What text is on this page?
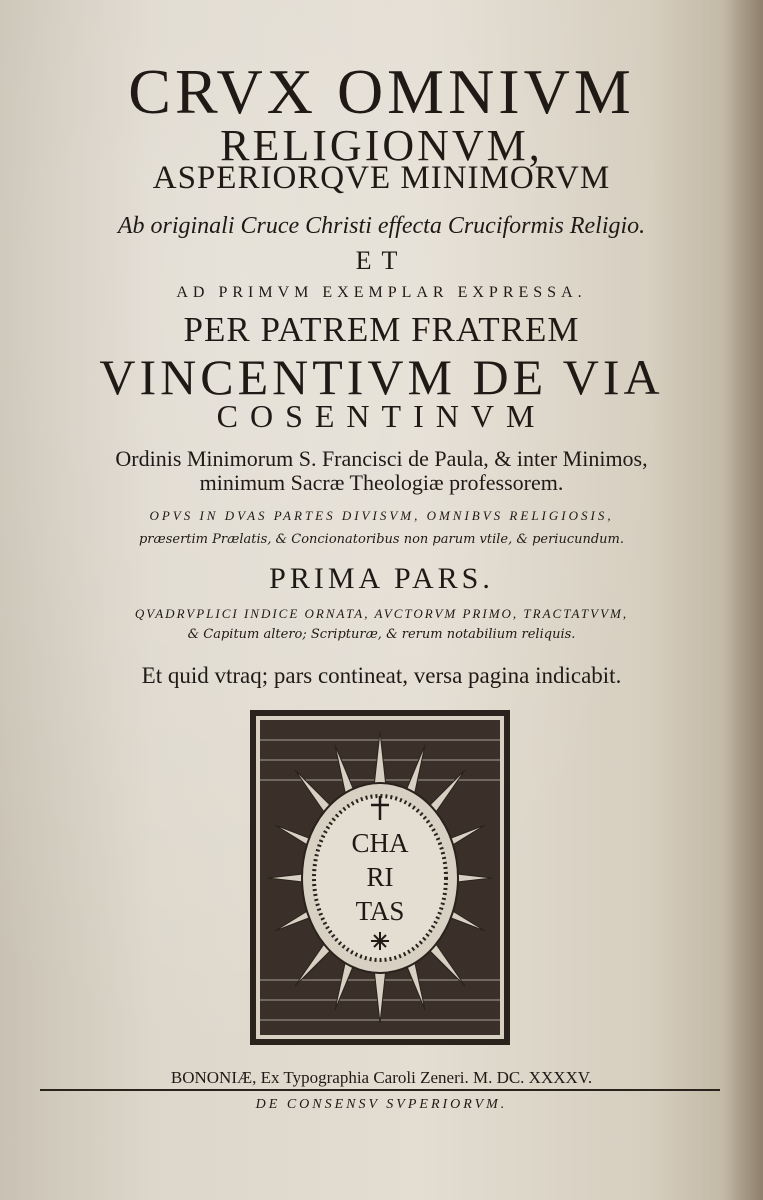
CRVX OMNIVM
RELIGIONVM,
ASPERIORQVE MINIMORVM
Ab originali Cruce Christi effecta Cruciformis Religio.
ET
AD PRIMVM EXEMPLAR EXPRESSA.
PER PATREM FRATREM
VINCENTIVM DE VIA
COSENTINVM
Ordinis Minimorum S. Francisci de Paula, & inter Minimos,
minimum Sacræ Theologiæ professorem.
OPVS IN DVAS PARTES DIVISVM, OMNIBVS RELIGIOSIS,
præsertim Prælatis, & Concionatoribus non parum vtile, & periucundum.
PRIMA PARS.
QVADRVPLICI INDICE ORNATA, AVCTORVM PRIMO, TRACTATVVM,
& Capitum altero; Scripturæ, & rerum notabilium reliquis.
Et quid vtraq; pars contineat, versa pagina indicabit.
CHA
RI
TAS
BONONIÆ, Ex Typographia Caroli Zeneri. M. DC. XXXXV.
DE CONSENSV SVPERIORVM.
